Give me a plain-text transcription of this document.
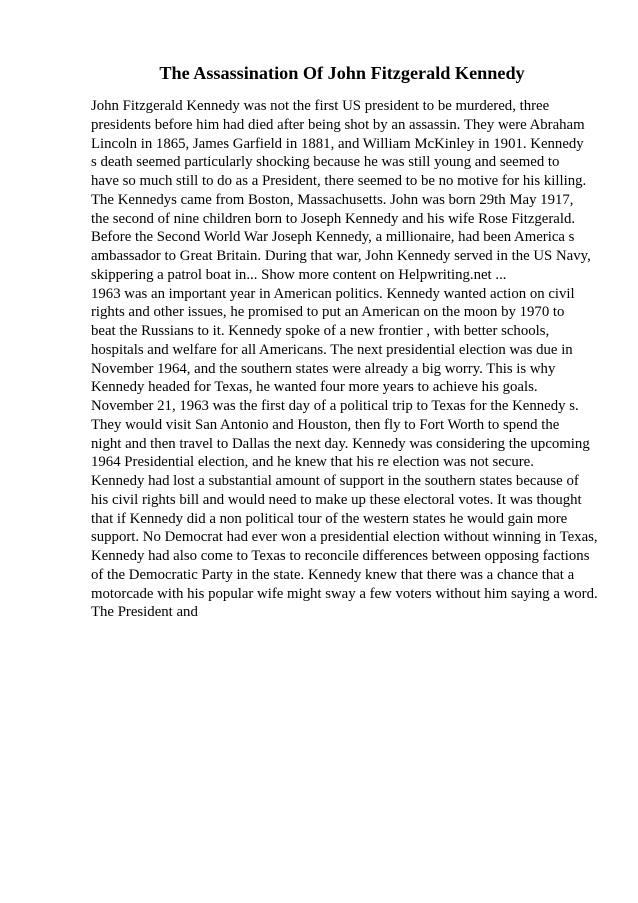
The Assassination Of John Fitzgerald Kennedy
John Fitzgerald Kennedy was not the first US president to be murdered, three
presidents before him had died after being shot by an assassin. They were Abraham
Lincoln in 1865, James Garfield in 1881, and William McKinley in 1901. Kennedy
s death seemed particularly shocking because he was still young and seemed to
have so much still to do as a President, there seemed to be no motive for his killing.
The Kennedys came from Boston, Massachusetts. John was born 29th May 1917,
the second of nine children born to Joseph Kennedy and his wife Rose Fitzgerald.
Before the Second World War Joseph Kennedy, a millionaire, had been America s
ambassador to Great Britain. During that war, John Kennedy served in the US Navy,
skippering a patrol boat in... Show more content on Helpwriting.net ...
1963 was an important year in American politics. Kennedy wanted action on civil
rights and other issues, he promised to put an American on the moon by 1970 to
beat the Russians to it. Kennedy spoke of a new frontier , with better schools,
hospitals and welfare for all Americans. The next presidential election was due in
November 1964, and the southern states were already a big worry. This is why
Kennedy headed for Texas, he wanted four more years to achieve his goals.
November 21, 1963 was the first day of a political trip to Texas for the Kennedy s.
They would visit San Antonio and Houston, then fly to Fort Worth to spend the
night and then travel to Dallas the next day. Kennedy was considering the upcoming
1964 Presidential election, and he knew that his re election was not secure.
Kennedy had lost a substantial amount of support in the southern states because of
his civil rights bill and would need to make up these electoral votes. It was thought
that if Kennedy did a non political tour of the western states he would gain more
support. No Democrat had ever won a presidential election without winning in Texas,
Kennedy had also come to Texas to reconcile differences between opposing factions
of the Democratic Party in the state. Kennedy knew that there was a chance that a
motorcade with his popular wife might sway a few voters without him saying a word.
The President and
